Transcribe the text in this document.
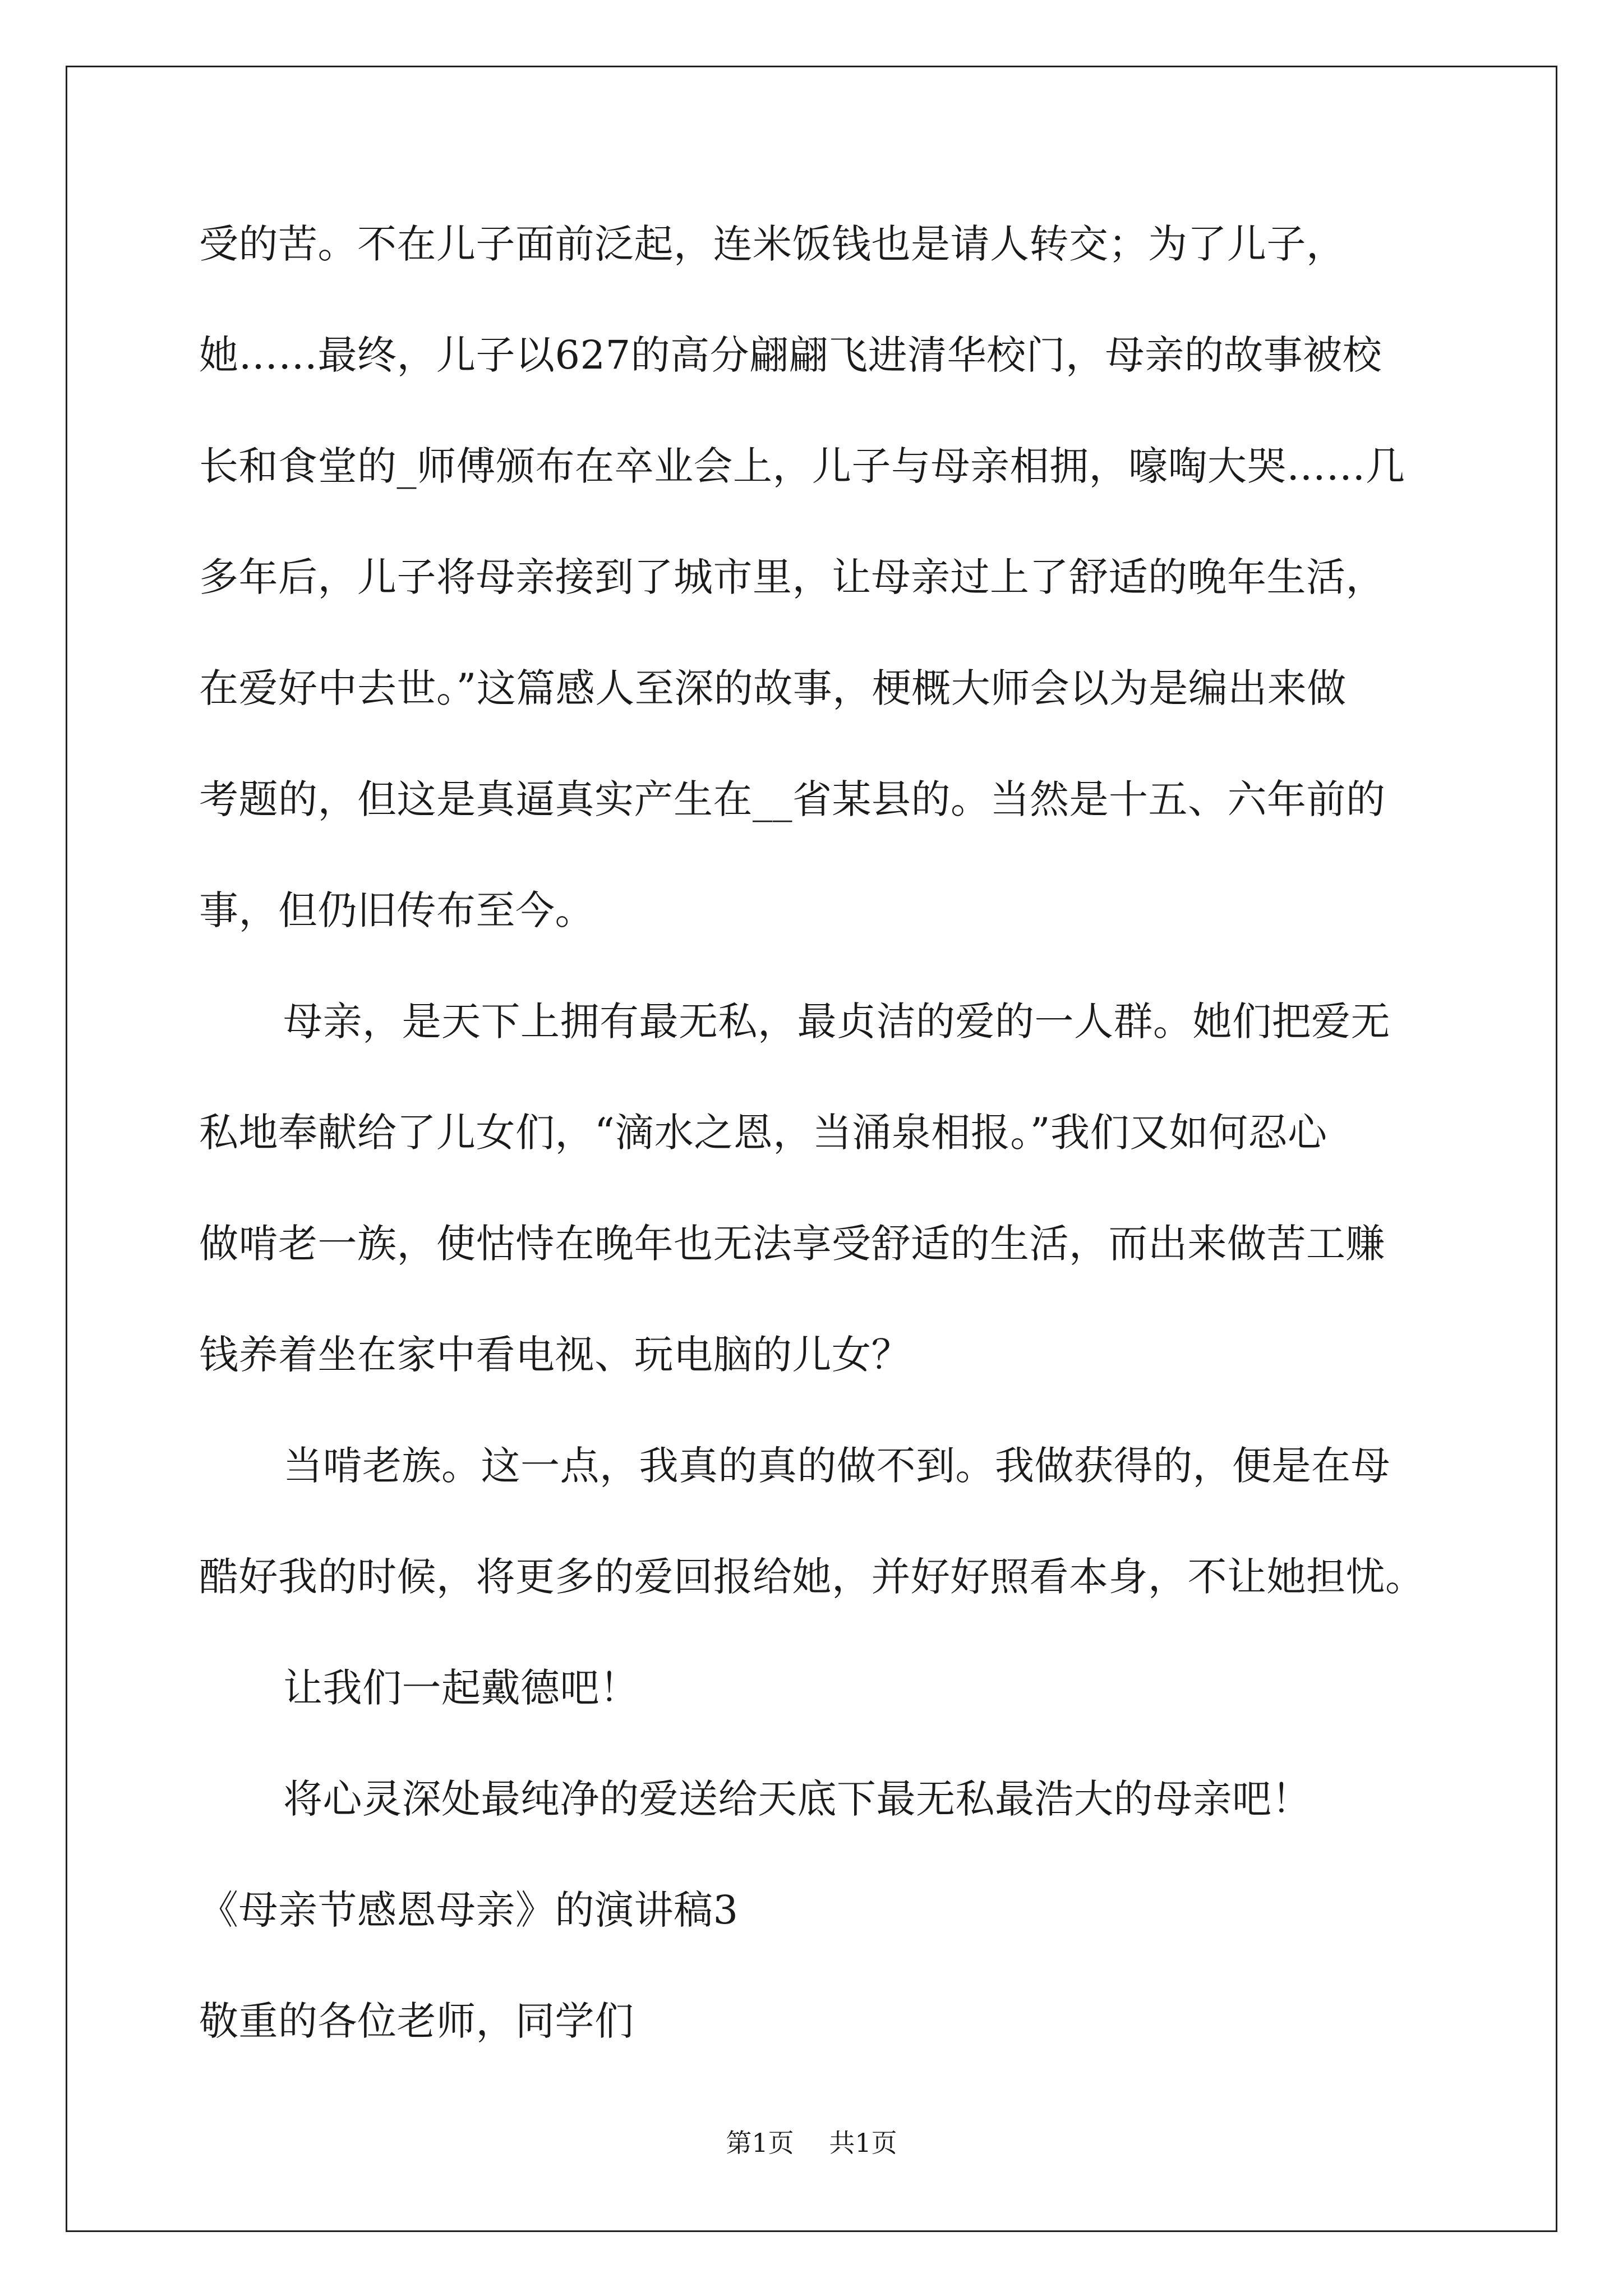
受的苦。不在儿子面前泛起，连米饭钱也是请人转交；为了儿子，
她……最终，儿子以627的高分翩翩飞进清华校门，母亲的故事被校
长和食堂的_师傅颁布在卒业会上，儿子与母亲相拥，嚎啕大哭……几
多年后，儿子将母亲接到了城市里，让母亲过上了舒适的晚年生活，
在爱好中去世。”这篇感人至深的故事，梗概大师会以为是编出来做
考题的，但这是真逼真实产生在__省某县的。当然是十五、六年前的
事，但仍旧传布至今。
母亲，是天下上拥有最无私，最贞洁的爱的一人群。她们把爱无
私地奉献给了儿女们，“滴水之恩，当涌泉相报。”我们又如何忍心
做啃老一族，使怙恃在晚年也无法享受舒适的生活，而出来做苦工赚
钱养着坐在家中看电视、玩电脑的儿女？
当啃老族。这一点，我真的真的做不到。我做获得的，便是在母
酷好我的时候，将更多的爱回报给她，并好好照看本身，不让她担忧。
让我们一起戴德吧！
将心灵深处最纯净的爱送给天底下最无私最浩大的母亲吧！
《母亲节感恩母亲》的演讲稿3
敬重的各位老师，同学们
第1页 共1页
